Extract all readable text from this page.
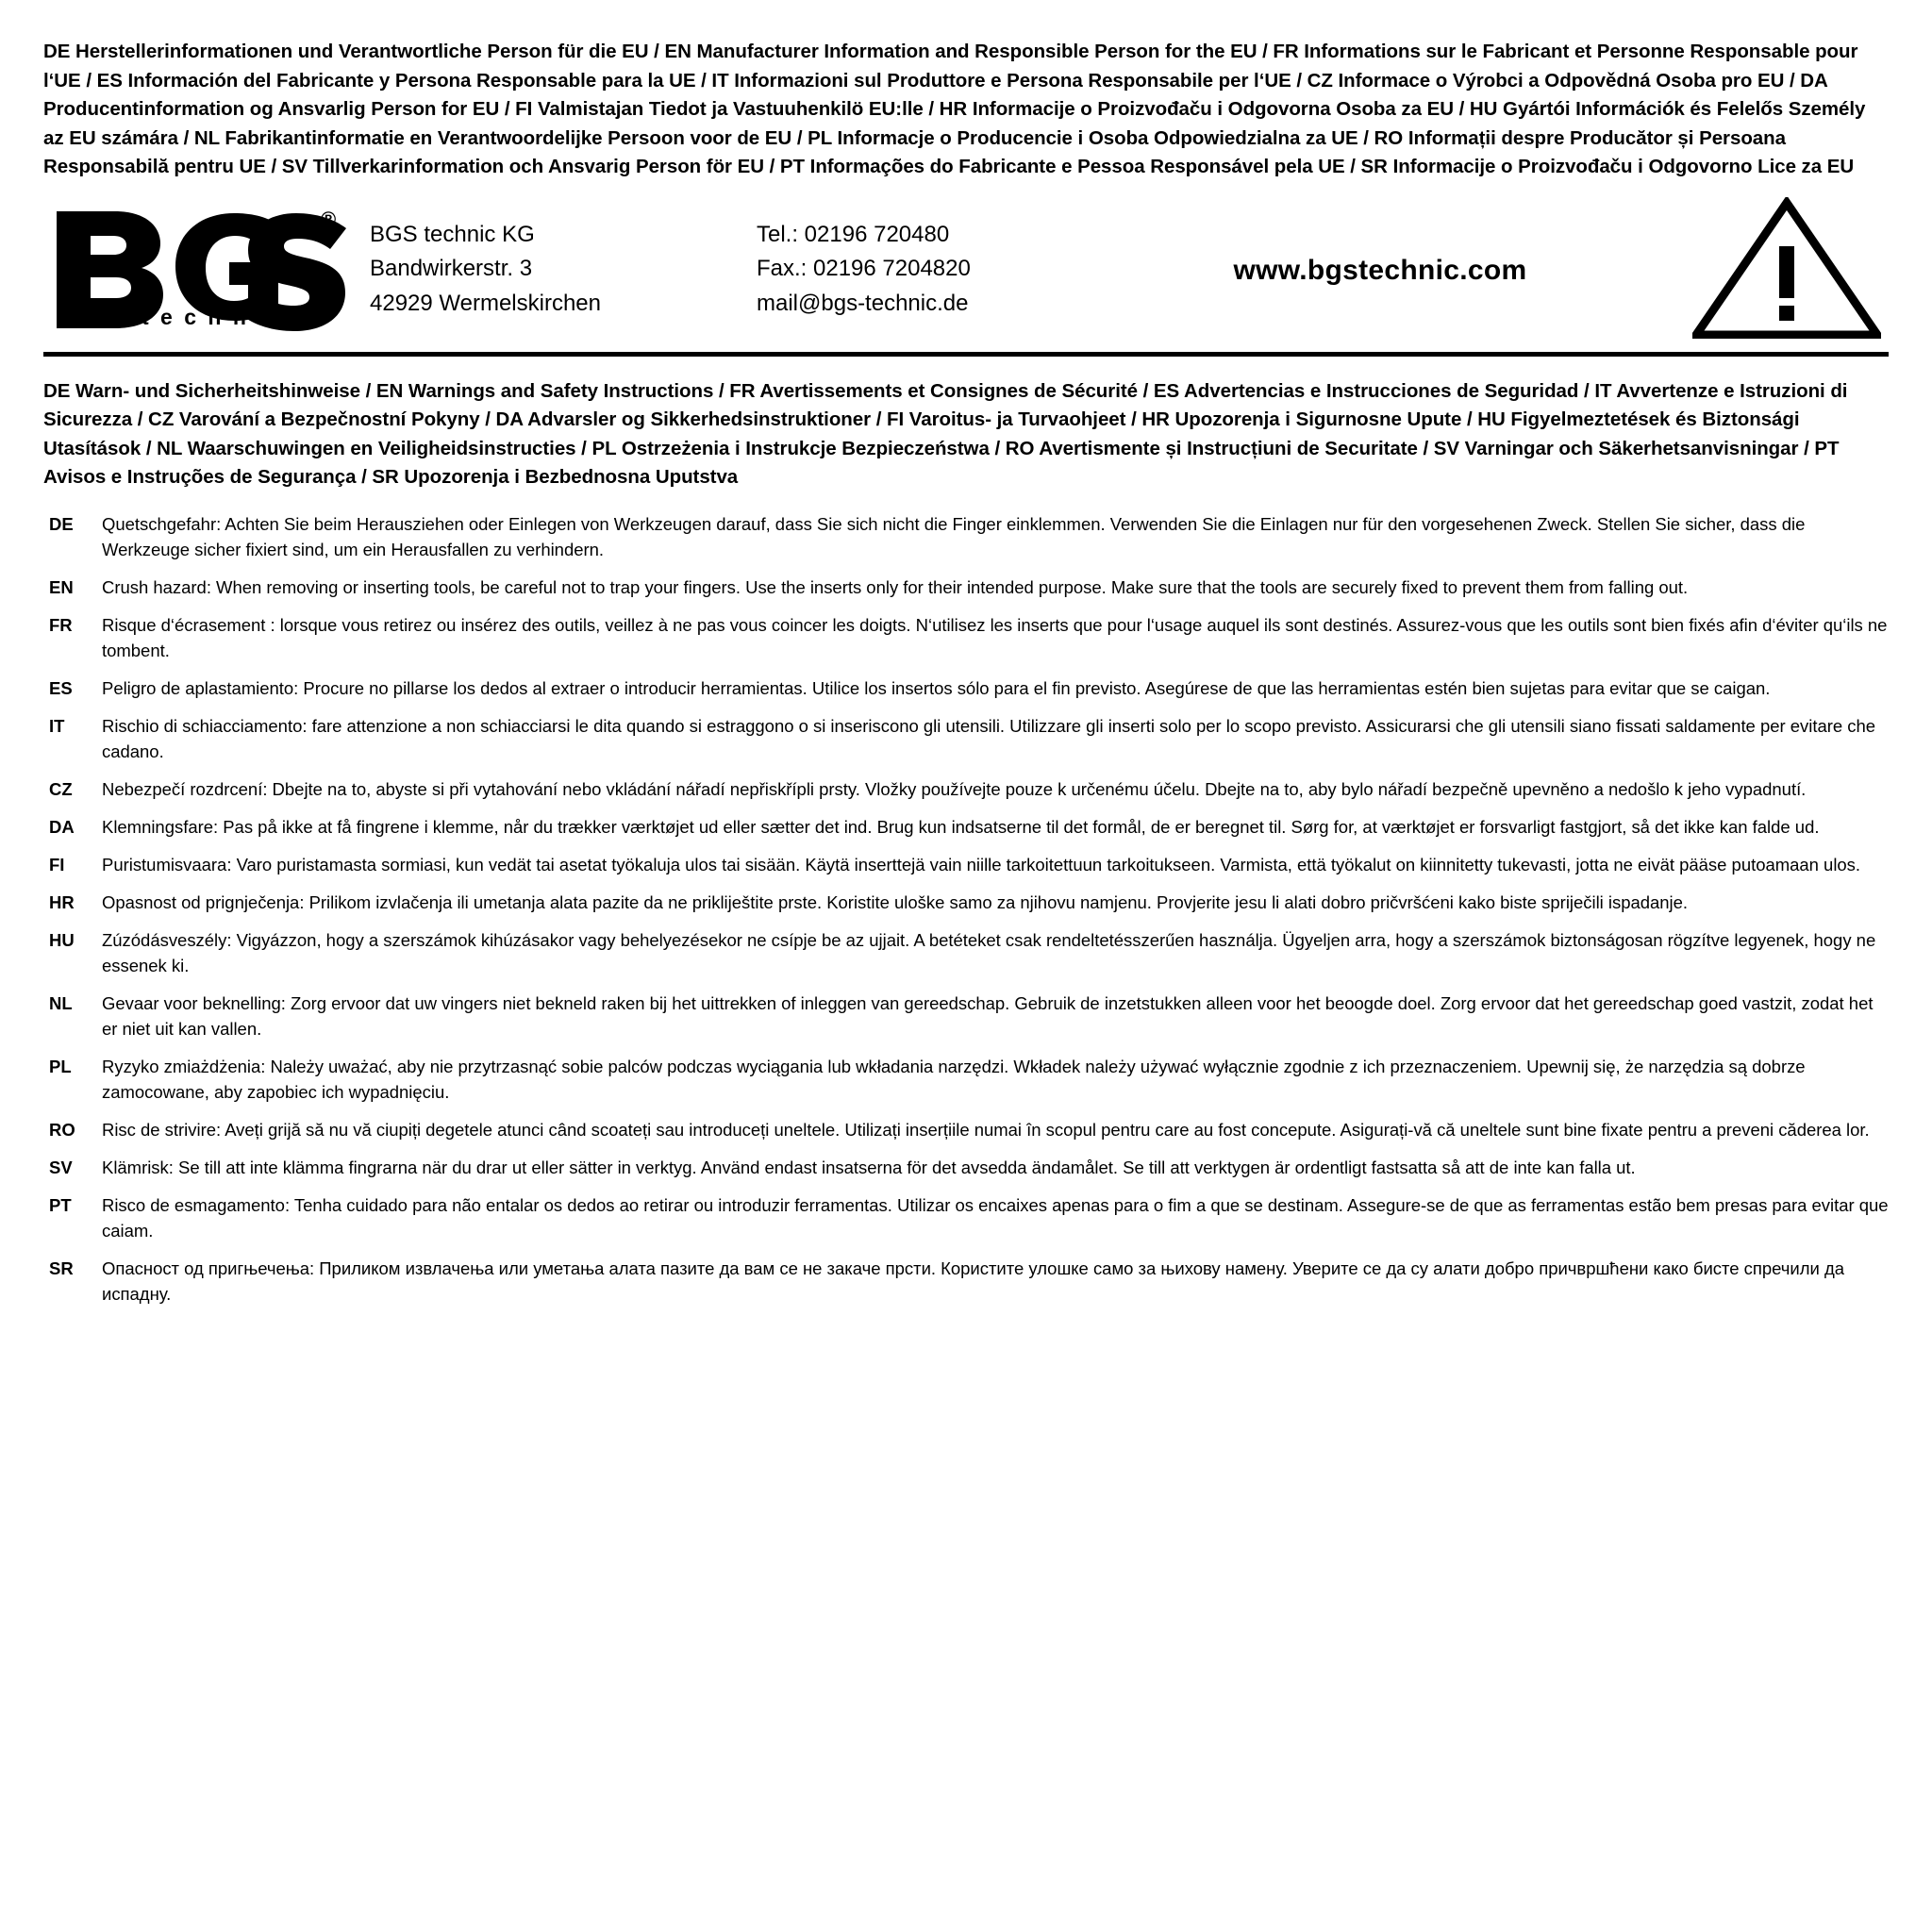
DE Herstellerinformationen und Verantwortliche Person für die EU / EN Manufacturer Information and Responsible Person for the EU / FR Informations sur le Fabricant et Personne Responsable pour l‘UE / ES Información del Fabricante y Persona Responsable para la UE / IT Informazioni sul Produttore e Persona Responsabile per l‘UE / CZ Informace o Výrobci a Odpovědná Osoba pro EU / DA Producentinformation og Ansvarlig Person for EU / FI Valmistajan Tiedot ja Vastuuhenkilö EU:lle / HR Informacije o Proizvođaču i Odgovorna Osoba za EU / HU Gyártói Információk és Felelős Személy az EU számára / NL Fabrikantinformatie en Verantwoordelijke Persoon voor de EU / PL Informacje o Producencie i Osoba Odpowiedzialna za UE / RO Informații despre Producător și Persoana Responsabilă pentru UE / SV Tillverkarinformation och Ansvarig Person för EU / PT Informações do Fabricante e Pessoa Responsável pela UE / SR Informacije o Proizvođaču i Odgovorno Lice za EU
®
t e c h n i c
BGS technic KG
Bandwirkerstr. 3
42929 Wermelskirchen
Tel.: 02196 720480
Fax.: 02196 7204820
mail@bgs-technic.de
www.bgstechnic.com
DE Warn- und Sicherheitshinweise / EN Warnings and Safety Instructions / FR Avertissements et Consignes de Sécurité / ES Advertencias e Instrucciones de Seguridad / IT Avvertenze e Istruzioni di Sicurezza / CZ Varování a Bezpečnostní Pokyny / DA Advarsler og Sikkerhedsinstruktioner / FI Varoitus- ja Turvaohjeet / HR Upozorenja i Sigurnosne Upute / HU Figyelmeztetések és Biztonsági Utasítások / NL Waarschuwingen en Veiligheidsinstructies / PL Ostrzeżenia i Instrukcje Bezpieczeństwa / RO Avertismente și Instrucțiuni de Securitate / SV Varningar och Säkerhetsanvisningar / PT Avisos e Instruções de Segurança / SR Upozorenja i Bezbednosna Uputstva
DE	Quetschgefahr: Achten Sie beim Herausziehen oder Einlegen von Werkzeugen darauf, dass Sie sich nicht die Finger einklemmen. Verwenden Sie die Einlagen nur für den vorgesehenen Zweck. Stellen Sie sicher, dass die Werkzeuge sicher fixiert sind, um ein Herausfallen zu verhindern.
EN	Crush hazard: When removing or inserting tools, be careful not to trap your fingers. Use the inserts only for their intended purpose. Make sure that the tools are securely fixed to prevent them from falling out.
FR	Risque d‘écrasement : lorsque vous retirez ou insérez des outils, veillez à ne pas vous coincer les doigts. N‘utilisez les inserts que pour l‘usage auquel ils sont destinés. Assurez-vous que les outils sont bien fixés afin d‘éviter qu‘ils ne tombent.
ES	Peligro de aplastamiento: Procure no pillarse los dedos al extraer o introducir herramientas. Utilice los insertos sólo para el fin previsto. Asegúrese de que las herramientas estén bien sujetas para evitar que se caigan.
IT	Rischio di schiacciamento: fare attenzione a non schiacciarsi le dita quando si estraggono o si inseriscono gli utensili. Utilizzare gli inserti solo per lo scopo previsto. Assicurarsi che gli utensili siano fissati saldamente per evitare che cadano.
CZ	Nebezpečí rozdrcení: Dbejte na to, abyste si při vytahování nebo vkládání nářadí nepřiskřípli prsty. Vložky používejte pouze k určenému účelu. Dbejte na to, aby bylo nářadí bezpečně upevněno a nedošlo k jeho vypadnutí.
DA	Klemningsfare: Pas på ikke at få fingrene i klemme, når du trækker værktøjet ud eller sætter det ind. Brug kun indsatserne til det formål, de er beregnet til. Sørg for, at værktøjet er forsvarligt fastgjort, så det ikke kan falde ud.
FI	Puristumisvaara: Varo puristamasta sormiasi, kun vedät tai asetat työkaluja ulos tai sisään. Käytä inserttejä vain niille tarkoitettuun tarkoitukseen. Varmista, että työkalut on kiinnitetty tukevasti, jotta ne eivät pääse putoamaan ulos.
HR	Opasnost od prignječenja: Prilikom izvlačenja ili umetanja alata pazite da ne prikliještite prste. Koristite uloške samo za njihovu namjenu. Provjerite jesu li alati dobro pričvršćeni kako biste spriječili ispadanje.
HU	Zúzódásveszély: Vigyázzon, hogy a szerszámok kihúzásakor vagy behelyezésekor ne csípje be az ujjait. A betéteket csak rendeltetésszerűen használja. Ügyeljen arra, hogy a szerszámok biztonságosan rögzítve legyenek, hogy ne essenek ki.
NL	Gevaar voor beknelling: Zorg ervoor dat uw vingers niet bekneld raken bij het uittrekken of inleggen van gereedschap. Gebruik de inzetstukken alleen voor het beoogde doel. Zorg ervoor dat het gereedschap goed vastzit, zodat het er niet uit kan vallen.
PL	Ryzyko zmiażdżenia: Należy uważać, aby nie przytrzasnąć sobie palców podczas wyciągania lub wkładania narzędzi. Wkładek należy używać wyłącznie zgodnie z ich przeznaczeniem. Upewnij się, że narzędzia są dobrze zamocowane, aby zapobiec ich wypadnięciu.
RO	Risc de strivire: Aveți grijă să nu vă ciupiți degetele atunci când scoateți sau introduceți uneltele. Utilizați inserțiile numai în scopul pentru care au fost concepute. Asigurați-vă că uneltele sunt bine fixate pentru a preveni căderea lor.
SV	Klämrisk: Se till att inte klämma fingrarna när du drar ut eller sätter in verktyg. Använd endast insatserna för det avsedda ändamålet. Se till att verktygen är ordentligt fastsatta så att de inte kan falla ut.
PT	Risco de esmagamento: Tenha cuidado para não entalar os dedos ao retirar ou introduzir ferramentas. Utilizar os encaixes apenas para o fim a que se destinam. Assegure-se de que as ferramentas estão bem presas para evitar que caiam.
SR	Опасност од пригњечења: Приликом извлачења или уметања алата пазите да вам се не закаче прсти. Користите улошке само за њихову намену. Уверите се да су алати добро причвршћени како бисте спречили да испадну.
